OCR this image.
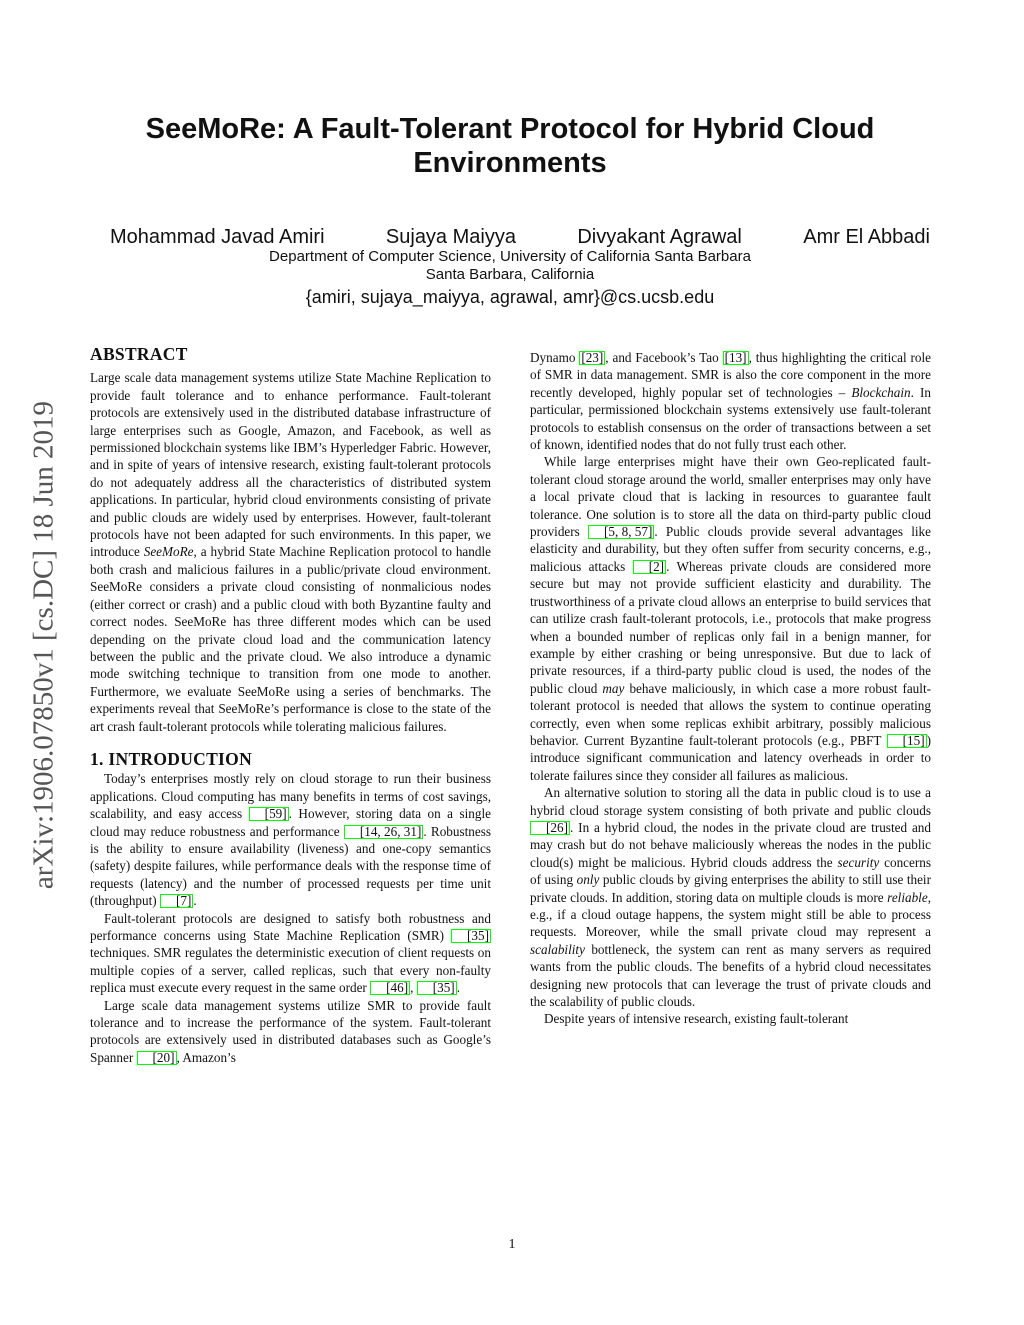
arXiv:1906.07850v1 [cs.DC] 18 Jun 2019
SeeMoRe: A Fault-Tolerant Protocol for Hybrid Cloud Environments
Mohammad Javad Amiri	Sujaya Maiyya	Divyakant Agrawal	Amr El Abbadi
Department of Computer Science, University of California Santa Barbara
Santa Barbara, California
{amiri, sujaya_maiyya, agrawal, amr}@cs.ucsb.edu
ABSTRACT

Large scale data management systems utilize State Machine Replication to provide fault tolerance and to enhance performance. Fault-tolerant protocols are extensively used in the distributed database infrastructure of large enterprises such as Google, Amazon, and Facebook, as well as permissioned blockchain systems like IBM’s Hyperledger Fabric. However, and in spite of years of intensive research, existing fault-tolerant protocols do not adequately address all the characteristics of distributed system applications. In particular, hybrid cloud environments consisting of private and public clouds are widely used by enterprises. However, fault-tolerant protocols have not been adapted for such environments. In this paper, we introduce SeeMoRe, a hybrid State Machine Replication protocol to handle both crash and malicious failures in a public/private cloud environment. SeeMoRe considers a private cloud consisting of nonmalicious nodes (either correct or crash) and a public cloud with both Byzantine faulty and correct nodes. SeeMoRe has three different modes which can be used depending on the private cloud load and the communication latency between the public and the private cloud. We also introduce a dynamic mode switching technique to transition from one mode to another. Furthermore, we evaluate SeeMoRe using a series of benchmarks. The experiments reveal that SeeMoRe’s performance is close to the state of the art crash fault-tolerant protocols while tolerating malicious failures.

1. INTRODUCTION

Today’s enterprises mostly rely on cloud storage to run their business applications. Cloud computing has many benefits in terms of cost savings, scalability, and easy access [59] . However, storing data on a single cloud may reduce robustness and performance [14, 26, 31] . Robustness is the ability to ensure availability (liveness) and one-copy semantics (safety) despite failures, while performance deals with the response time of requests (latency) and the number of processed requests per time unit (throughput) [7] .

Fault-tolerant protocols are designed to satisfy both robustness and performance concerns using State Machine Replication (SMR) [35] techniques. SMR regulates the deterministic execution of client requests on multiple copies of a server, called replicas, such that every non-faulty replica must execute every request in the same order [46] , [35] .

Large scale data management systems utilize SMR to provide fault tolerance and to increase the performance of the system. Fault-tolerant protocols are extensively used in distributed databases such as Google’s Spanner [20] , Amazon’s

Dynamo [23] , and Facebook’s Tao [13] , thus highlighting the critical role of SMR in data management. SMR is also the core component in the more recently developed, highly popular set of technologies – Blockchain. In particular, permissioned blockchain systems extensively use fault-tolerant protocols to establish consensus on the order of transactions between a set of known, identified nodes that do not fully trust each other.

While large enterprises might have their own Geo-replicated fault-tolerant cloud storage around the world, smaller enterprises may only have a local private cloud that is lacking in resources to guarantee fault tolerance. One solution is to store all the data on third-party public cloud providers [5, 8, 57] . Public clouds provide several advantages like elasticity and durability, but they often suffer from security concerns, e.g., malicious attacks [2] . Whereas private clouds are considered more secure but may not provide sufficient elasticity and durability. The trustworthiness of a private cloud allows an enterprise to build services that can utilize crash fault-tolerant protocols, i.e., protocols that make progress when a bounded number of replicas only fail in a benign manner, for example by either crashing or being unresponsive. But due to lack of private resources, if a third-party public cloud is used, the nodes of the public cloud may behave maliciously, in which case a more robust fault-tolerant protocol is needed that allows the system to continue operating correctly, even when some replicas exhibit arbitrary, possibly malicious behavior. Current Byzantine fault-tolerant protocols (e.g., PBFT [15] ) introduce significant communication and latency overheads in order to tolerate failures since they consider all failures as malicious.

An alternative solution to storing all the data in public cloud is to use a hybrid cloud storage system consisting of both private and public clouds [26] . In a hybrid cloud, the nodes in the private cloud are trusted and may crash but do not behave maliciously whereas the nodes in the public cloud(s) might be malicious. Hybrid clouds address the security concerns of using only public clouds by giving enterprises the ability to still use their private clouds. In addition, storing data on multiple clouds is more reliable, e.g., if a cloud outage happens, the system might still be able to process requests. Moreover, while the small private cloud may represent a scalability bottleneck, the system can rent as many servers as required wants from the public clouds. The benefits of a hybrid cloud necessitates designing new protocols that can leverage the trust of private clouds and the scalability of public clouds.

Despite years of intensive research, existing fault-tolerant

1
